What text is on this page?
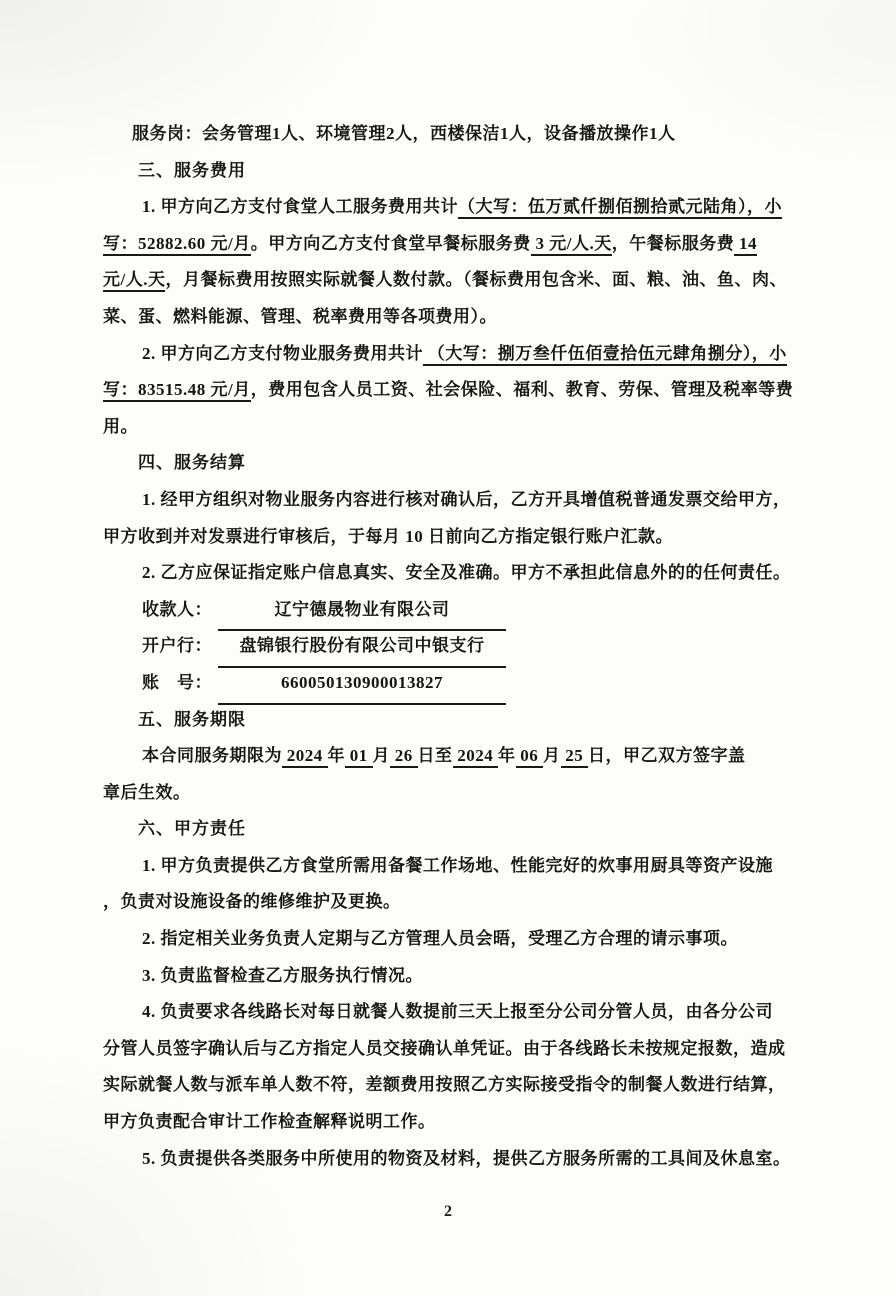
服务岗：会务管理1人、环境管理2人，西楼保洁1人，设备播放操作1人
三、服务费用
1. 甲方向乙方支付食堂人工服务费用共计（大写：伍万贰仟捌佰捌拾贰元陆角），小
写：52882.60 元/月。甲方向乙方支付食堂早餐标服务费 3 元/人.天，午餐标服务费 14
元/人.天，月餐标费用按照实际就餐人数付款。（餐标费用包含米、面、粮、油、鱼、肉、
菜、蛋、燃料能源、管理、税率费用等各项费用）。
2. 甲方向乙方支付物业服务费用共计 （大写：捌万叁仟伍佰壹拾伍元肆角捌分），小
写：83515.48 元/月，费用包含人员工资、社会保险、福利、教育、劳保、管理及税率等费
用。
四、服务结算
1. 经甲方组织对物业服务内容进行核对确认后，乙方开具增值税普通发票交给甲方，
甲方收到并对发票进行审核后，于每月 10 日前向乙方指定银行账户汇款。
2. 乙方应保证指定账户信息真实、安全及准确。甲方不承担此信息外的的任何责任。
收款人：	辽宁德晟物业有限公司
开户行： 盘锦银行股份有限公司中银支行
账　号：	660050130900013827
五、服务期限
本合同服务期限为 2024 年 01 月 26 日至 2024 年 06 月 25 日，甲乙双方签字盖
章后生效。
六、甲方责任
1. 甲方负责提供乙方食堂所需用备餐工作场地、性能完好的炊事用厨具等资产设施
，负责对设施设备的维修维护及更换。
2. 指定相关业务负责人定期与乙方管理人员会晤，受理乙方合理的请示事项。
3. 负责监督检查乙方服务执行情况。
4. 负责要求各线路长对每日就餐人数提前三天上报至分公司分管人员，由各分公司
分管人员签字确认后与乙方指定人员交接确认单凭证。由于各线路长未按规定报数，造成
实际就餐人数与派车单人数不符，差额费用按照乙方实际接受指令的制餐人数进行结算，
甲方负责配合审计工作检查解释说明工作。
5. 负责提供各类服务中所使用的物资及材料，提供乙方服务所需的工具间及休息室。
2
